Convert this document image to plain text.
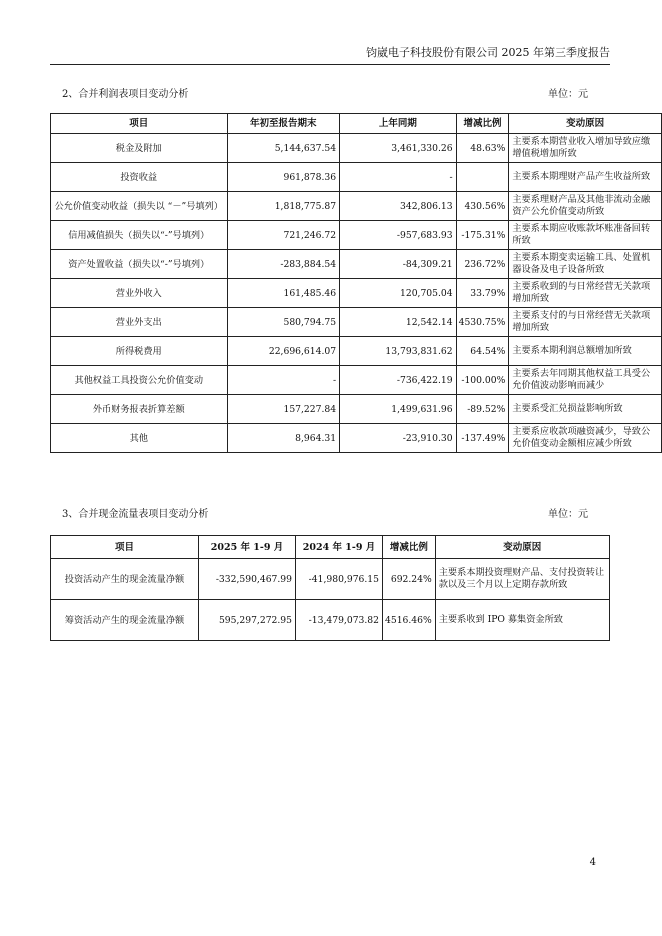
钧崴电子科技股份有限公司 2025 年第三季度报告
2、合并利润表项目变动分析	单位：元
项目	年初至报告期末	上年同期	增减比例	变动原因
税金及附加	5,144,637.54	3,461,330.26	48.63%	主要系本期营业收入增加导致应缴增值税增加所致
投资收益	961,878.36	-		主要系本期理财产品产生收益所致
公允价值变动收益（损失以 “－”号填列）	1,818,775.87	342,806.13	430.56%	主要系理财产品及其他非流动金融资产公允价值变动所致
信用减值损失（损失以“-”号填列）	721,246.72	-957,683.93	-175.31%	主要系本期应收账款坏账准备回转所致
资产处置收益（损失以“-”号填列）	-283,884.54	-84,309.21	236.72%	主要系本期变卖运输工具、处置机器设备及电子设备所致
营业外收入	161,485.46	120,705.04	33.79%	主要系收到的与日常经营无关款项增加所致
营业外支出	580,794.75	12,542.14	4530.75%	主要系支付的与日常经营无关款项增加所致
所得税费用	22,696,614.07	13,793,831.62	64.54%	主要系本期利润总额增加所致
其他权益工具投资公允价值变动	-	-736,422.19	-100.00%	主要系去年同期其他权益工具受公允价值波动影响而减少
外币财务报表折算差额	157,227.84	1,499,631.96	-89.52%	主要系受汇兑损益影响所致
其他	8,964.31	-23,910.30	-137.49%	主要系应收款项融资减少，导致公允价值变动金额相应减少所致
3、合并现金流量表项目变动分析	单位：元
项目	2025 年 1-9 月	2024 年 1-9 月	增减比例	变动原因
投资活动产生的现金流量净额	-332,590,467.99	-41,980,976.15	692.24%	主要系本期投资理财产品、支付投资转让款以及三个月以上定期存款所致
筹资活动产生的现金流量净额	595,297,272.95	-13,479,073.82	4516.46%	主要系收到 IPO 募集资金所致
4
